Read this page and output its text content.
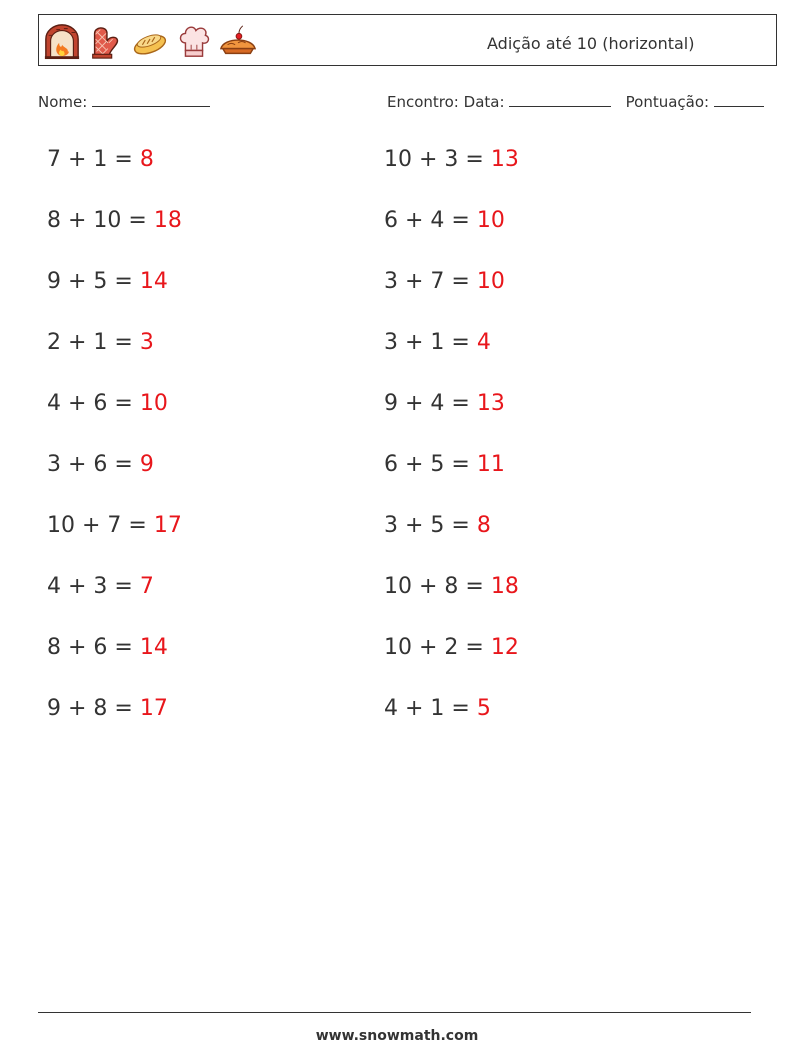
Adição até 10 (horizontal)
Nome:	Encontro: Data:	Pontuação:
7 + 1 = 8
8 + 10 = 18
9 + 5 = 14
2 + 1 = 3
4 + 6 = 10
3 + 6 = 9
10 + 7 = 17
4 + 3 = 7
8 + 6 = 14
9 + 8 = 17
10 + 3 = 13
6 + 4 = 10
3 + 7 = 10
3 + 1 = 4
9 + 4 = 13
6 + 5 = 11
3 + 5 = 8
10 + 8 = 18
10 + 2 = 12
4 + 1 = 5
www.snowmath.com
